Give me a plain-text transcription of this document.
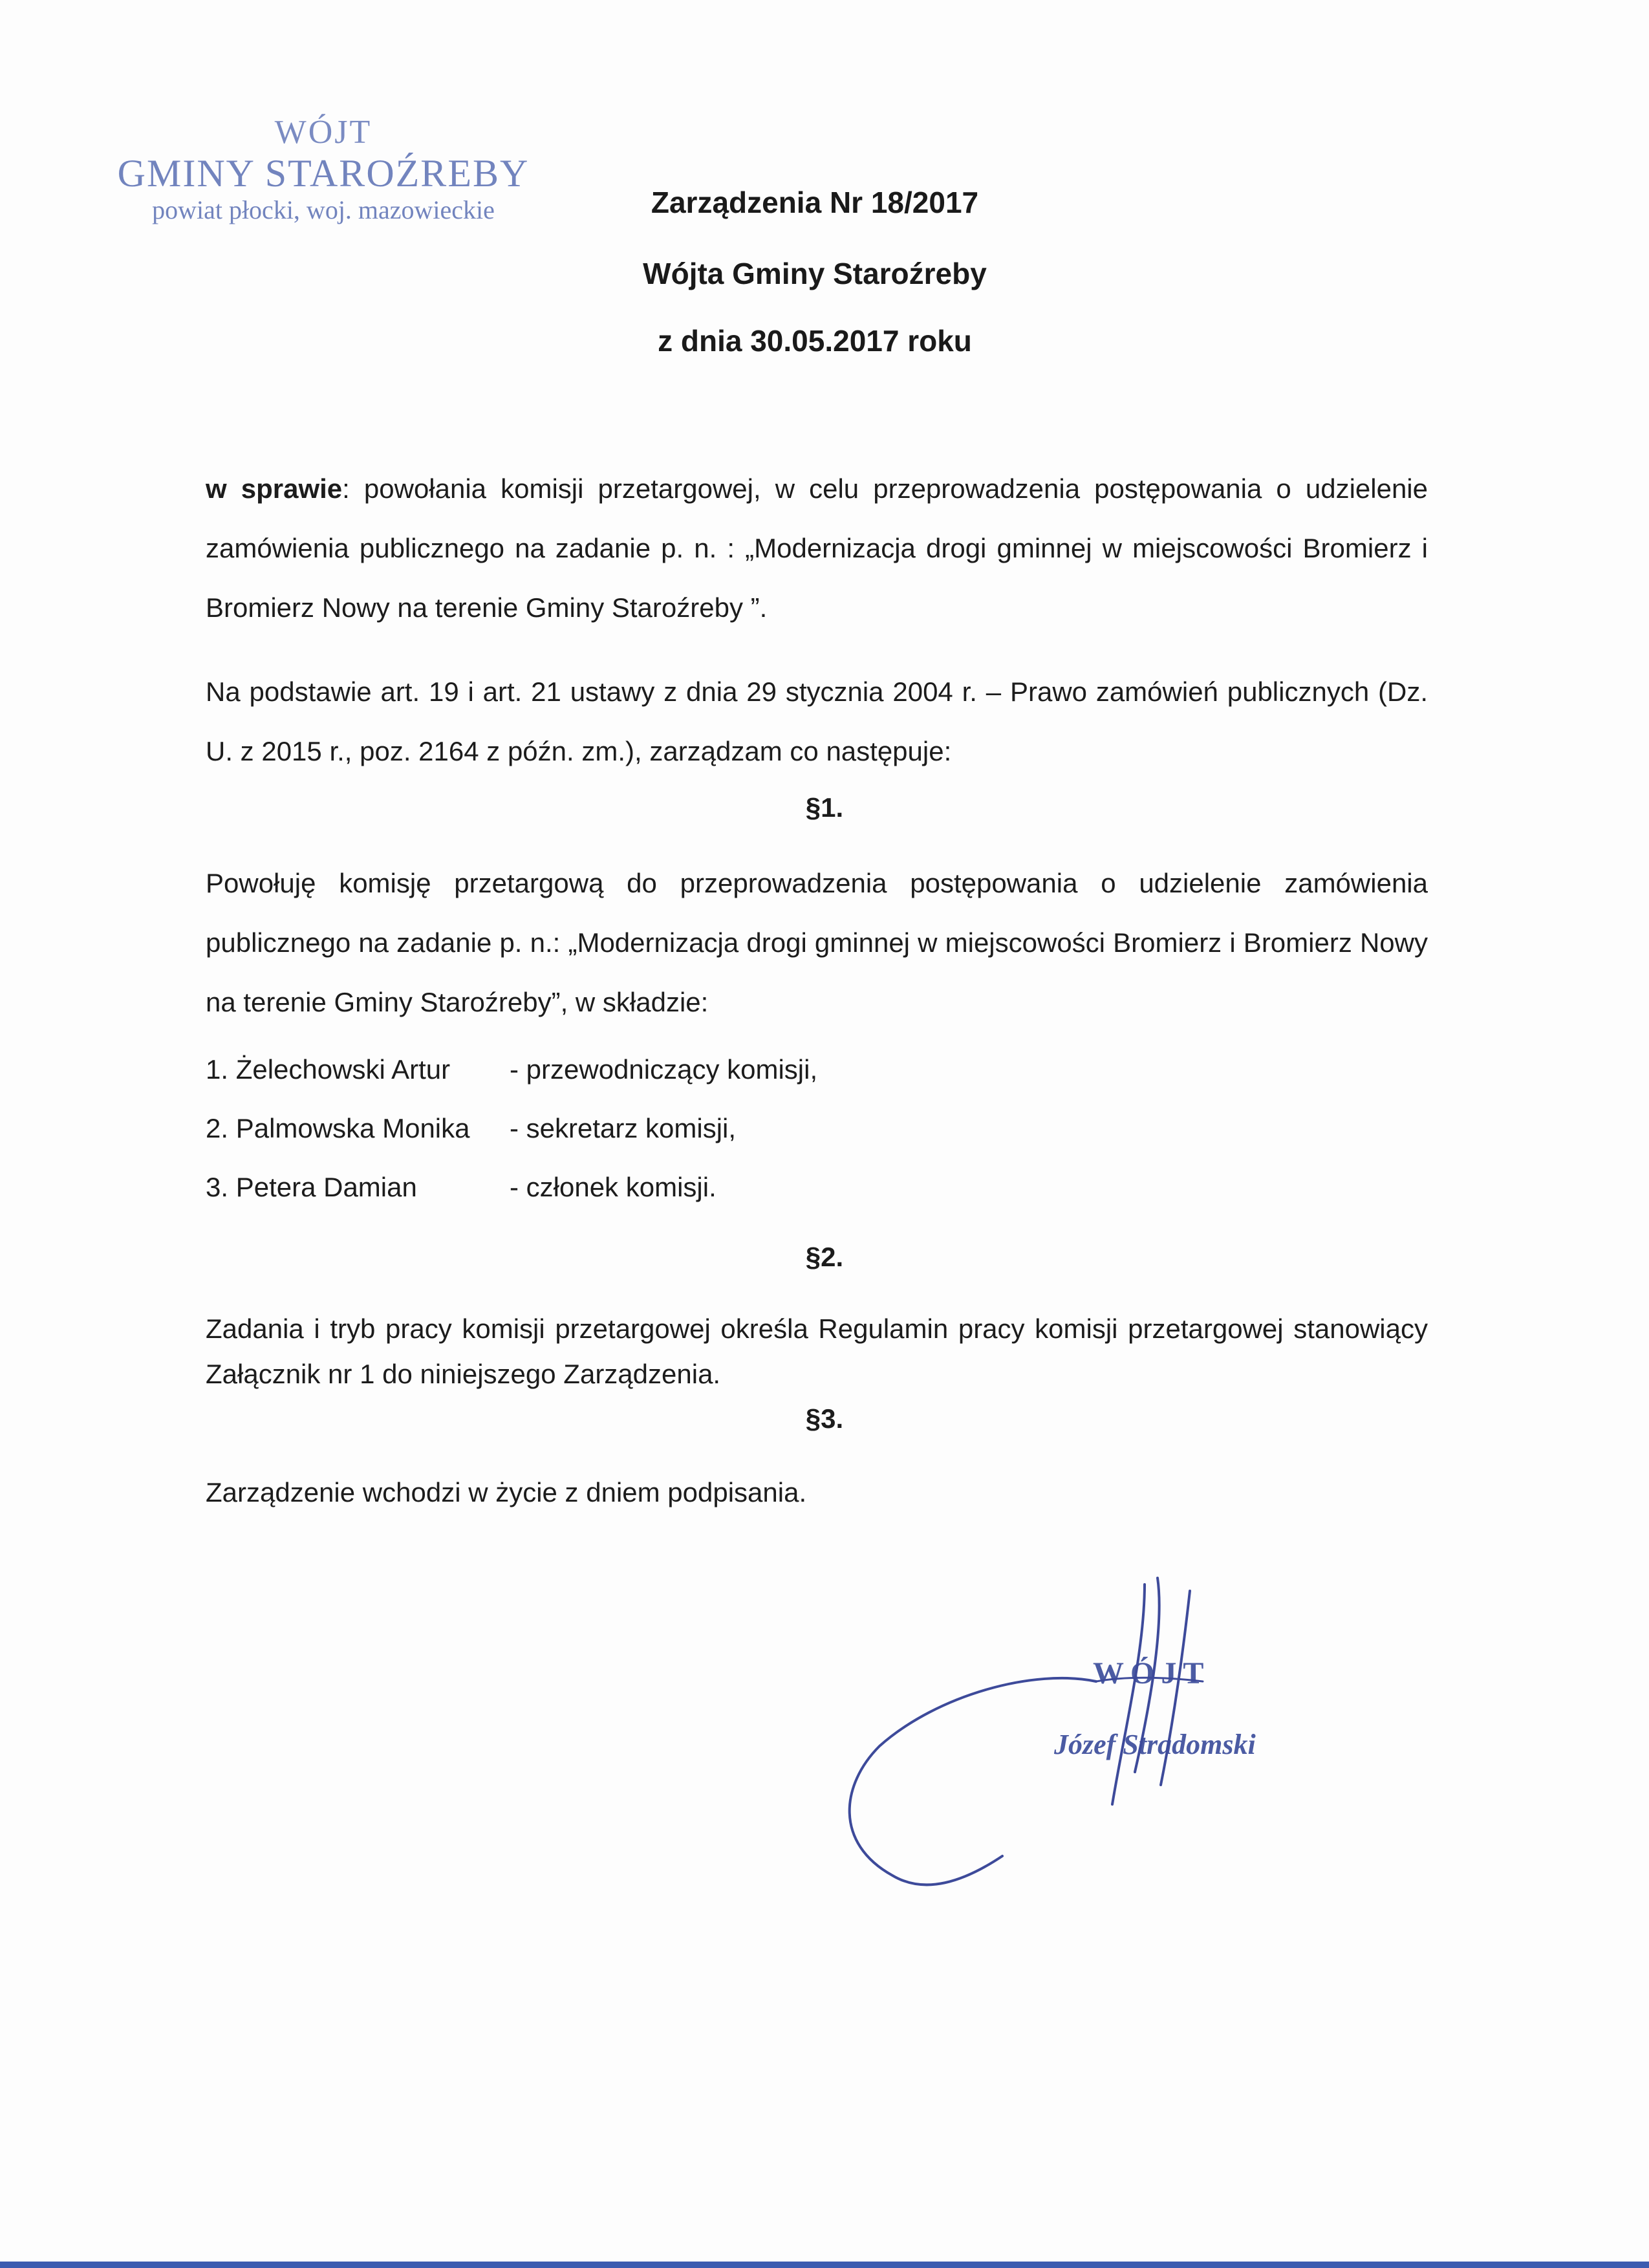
WÓJT
GMINY STAROŹREBY
powiat płocki, woj. mazowieckie	Zarządzenia Nr 18/2017
Wójta Gminy Staroźreby
z dnia 30.05.2017 roku
w sprawie: powołania komisji przetargowej, w celu przeprowadzenia postępowania o udzielenie zamówienia publicznego na zadanie p. n. : „Modernizacja drogi gminnej w miejscowości Bromierz i Bromierz Nowy na terenie Gminy Staroźreby ”.
Na podstawie art. 19 i art. 21 ustawy z dnia 29 stycznia 2004 r. – Prawo zamówień publicznych (Dz. U. z 2015 r., poz. 2164 z późn. zm.), zarządzam co następuje:
§1.
Powołuję komisję przetargową do przeprowadzenia postępowania o udzielenie zamówienia publicznego na zadanie p. n.: „Modernizacja drogi gminnej w miejscowości Bromierz i Bromierz Nowy na terenie Gminy Staroźreby”, w składzie:
1. Żelechowski Artur	- przewodniczący komisji,
2. Palmowska Monika	- sekretarz komisji,
3. Petera Damian	- członek komisji.
§2.
Zadania i tryb pracy komisji przetargowej określa Regulamin pracy komisji przetargowej stanowiący Załącznik nr 1 do niniejszego Zarządzenia.
§3.
Zarządzenie wchodzi w życie z dniem podpisania.
WÓJT
Józef Stradomski
